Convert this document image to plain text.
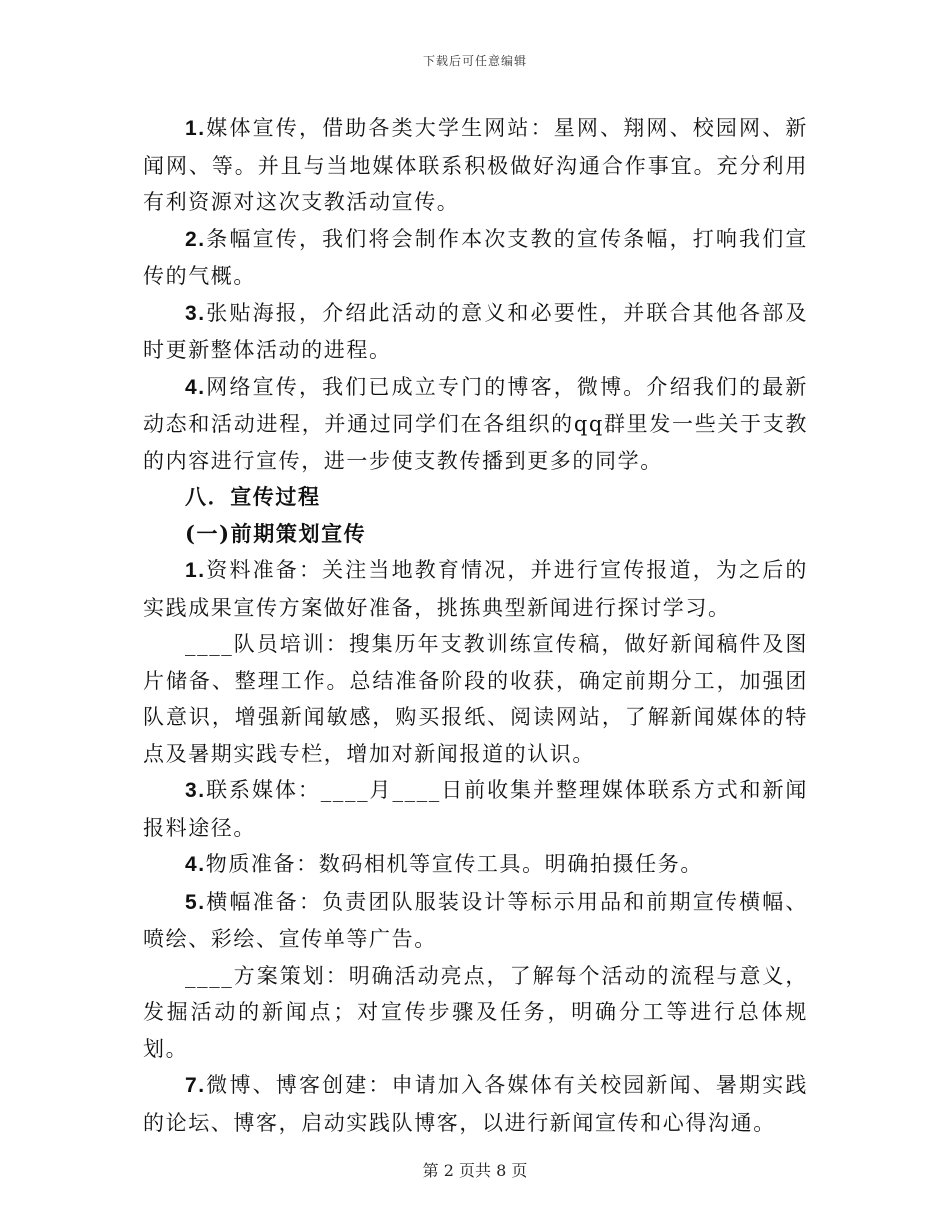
下载后可任意编辑

1.媒体宣传，借助各类大学生网站：星网、翔网、校园网、新闻网、等。并且与当地媒体联系积极做好沟通合作事宜。充分利用有利资源对这次支教活动宣传。

2.条幅宣传，我们将会制作本次支教的宣传条幅，打响我们宣传的气概。

3.张贴海报，介绍此活动的意义和必要性，并联合其他各部及时更新整体活动的进程。

4.网络宣传，我们已成立专门的博客，微博。介绍我们的最新动态和活动进程，并通过同学们在各组织的qq群里发一些关于支教的内容进行宣传，进一步使支教传播到更多的同学。

八．宣传过程

(一)前期策划宣传

1.资料准备：关注当地教育情况，并进行宣传报道，为之后的实践成果宣传方案做好准备，挑拣典型新闻进行探讨学习。

____队员培训：搜集历年支教训练宣传稿，做好新闻稿件及图片储备、整理工作。总结准备阶段的收获，确定前期分工，加强团队意识，增强新闻敏感，购买报纸、阅读网站，了解新闻媒体的特点及暑期实践专栏，增加对新闻报道的认识。

3.联系媒体：____月____日前收集并整理媒体联系方式和新闻报料途径。

4.物质准备：数码相机等宣传工具。明确拍摄任务。

5.横幅准备：负责团队服装设计等标示用品和前期宣传横幅、喷绘、彩绘、宣传单等广告。

____方案策划：明确活动亮点，了解每个活动的流程与意义，发掘活动的新闻点；对宣传步骤及任务，明确分工等进行总体规划。

7.微博、博客创建：申请加入各媒体有关校园新闻、暑期实践的论坛、博客，启动实践队博客，以进行新闻宣传和心得沟通。

第 2 页共 8 页
